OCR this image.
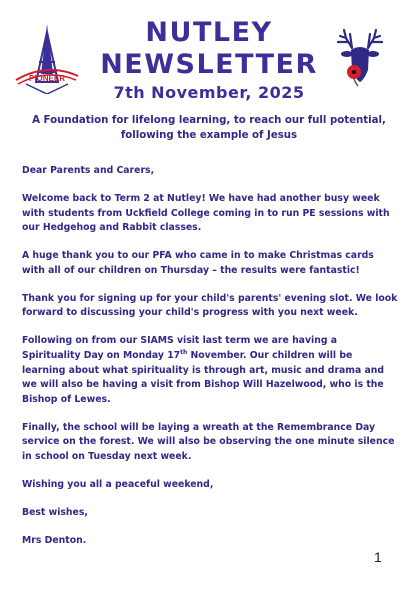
PIONEER
NUTLEY
NEWSLETTER
7th November, 2025
A Foundation for lifelong learning, to reach our full potential,
following the example of Jesus

Dear Parents and Carers,

Welcome back to Term 2 at Nutley! We have had another busy week with students from Uckfield College coming in to run PE sessions with our Hedgehog and Rabbit classes.

A huge thank you to our PFA who came in to make Christmas cards with all of our children on Thursday – the results were fantastic!

Thank you for signing up for your child's parents' evening slot. We look forward to discussing your child's progress with you next week.

Following on from our SIAMS visit last term we are having a Spirituality Day on Monday 17th November. Our children will be learning about what spirituality is through art, music and drama and we will also be having a visit from Bishop Will Hazelwood, who is the Bishop of Lewes.

Finally, the school will be laying a wreath at the Remembrance Day service on the forest. We will also be observing the one minute silence in school on Tuesday next week.

Wishing you all a peaceful weekend,

Best wishes,

Mrs Denton.

1
